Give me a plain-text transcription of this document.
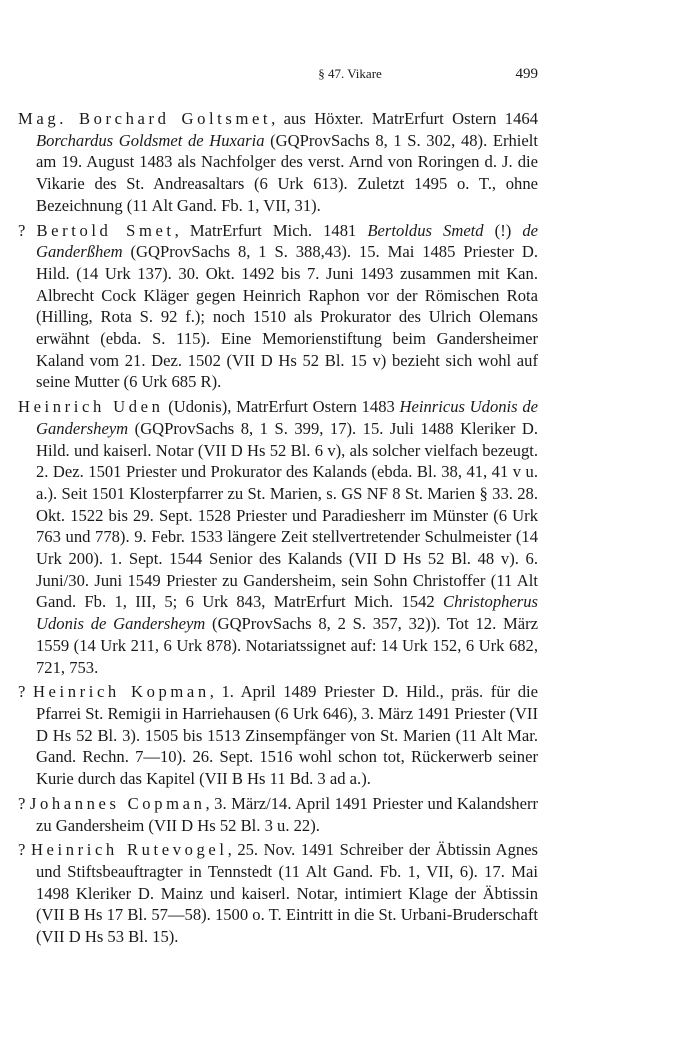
§ 47. Vikare	499

Mag. Borchard Goltsmet, aus Höxter. MatrErfurt Ostern 1464 Borchardus Goldsmet de Huxaria (GQProvSachs 8, 1 S. 302, 48). Erhielt am 19. August 1483 als Nachfolger des verst. Arnd von Roringen d. J. die Vikarie des St. Andreasaltars (6 Urk 613). Zuletzt 1495 o. T., ohne Bezeichnung (11 Alt Gand. Fb. 1, VII, 31).

? Bertold Smet, MatrErfurt Mich. 1481 Bertoldus Smetd (!) de Ganderßhem (GQProvSachs 8, 1 S. 388,43). 15. Mai 1485 Priester D. Hild. (14 Urk 137). 30. Okt. 1492 bis 7. Juni 1493 zusammen mit Kan. Albrecht Cock Kläger gegen Heinrich Raphon vor der Römischen Rota (Hilling, Rota S. 92 f.); noch 1510 als Prokurator des Ulrich Olemans erwähnt (ebda. S. 115). Eine Memorienstiftung beim Gandersheimer Kaland vom 21. Dez. 1502 (VII D Hs 52 Bl. 15 v) bezieht sich wohl auf seine Mutter (6 Urk 685 R).

Heinrich Uden (Udonis), MatrErfurt Ostern 1483 Heinricus Udonis de Gandersheym (GQProvSachs 8, 1 S. 399, 17). 15. Juli 1488 Kleriker D. Hild. und kaiserl. Notar (VII D Hs 52 Bl. 6 v), als solcher vielfach bezeugt. 2. Dez. 1501 Priester und Prokurator des Kalands (ebda. Bl. 38, 41, 41 v u. a.). Seit 1501 Klosterpfarrer zu St. Marien, s. GS NF 8 St. Marien § 33. 28. Okt. 1522 bis 29. Sept. 1528 Priester und Paradiesherr im Münster (6 Urk 763 und 778). 9. Febr. 1533 längere Zeit stellvertretender Schulmeister (14 Urk 200). 1. Sept. 1544 Senior des Kalands (VII D Hs 52 Bl. 48 v). 6. Juni/30. Juni 1549 Priester zu Gandersheim, sein Sohn Christoffer (11 Alt Gand. Fb. 1, III, 5; 6 Urk 843, MatrErfurt Mich. 1542 Christopherus Udonis de Gandersheym (GQProvSachs 8, 2 S. 357, 32)). Tot 12. März 1559 (14 Urk 211, 6 Urk 878). Notariatssignet auf: 14 Urk 152, 6 Urk 682, 721, 753.

? Heinrich Kopman, 1. April 1489 Priester D. Hild., präs. für die Pfarrei St. Remigii in Harriehausen (6 Urk 646), 3. März 1491 Priester (VII D Hs 52 Bl. 3). 1505 bis 1513 Zinsempfänger von St. Marien (11 Alt Mar. Gand. Rechn. 7—10). 26. Sept. 1516 wohl schon tot, Rückerwerb seiner Kurie durch das Kapitel (VII B Hs 11 Bd. 3 ad a.).

? Johannes Copman, 3. März/14. April 1491 Priester und Kalandsherr zu Gandersheim (VII D Hs 52 Bl. 3 u. 22).

? Heinrich Rutevogel, 25. Nov. 1491 Schreiber der Äbtissin Agnes und Stiftsbeauftragter in Tennstedt (11 Alt Gand. Fb. 1, VII, 6). 17. Mai 1498 Kleriker D. Mainz und kaiserl. Notar, intimiert Klage der Äbtissin (VII B Hs 17 Bl. 57—58). 1500 o. T. Eintritt in die St. Urbani-Bruderschaft (VII D Hs 53 Bl. 15).
